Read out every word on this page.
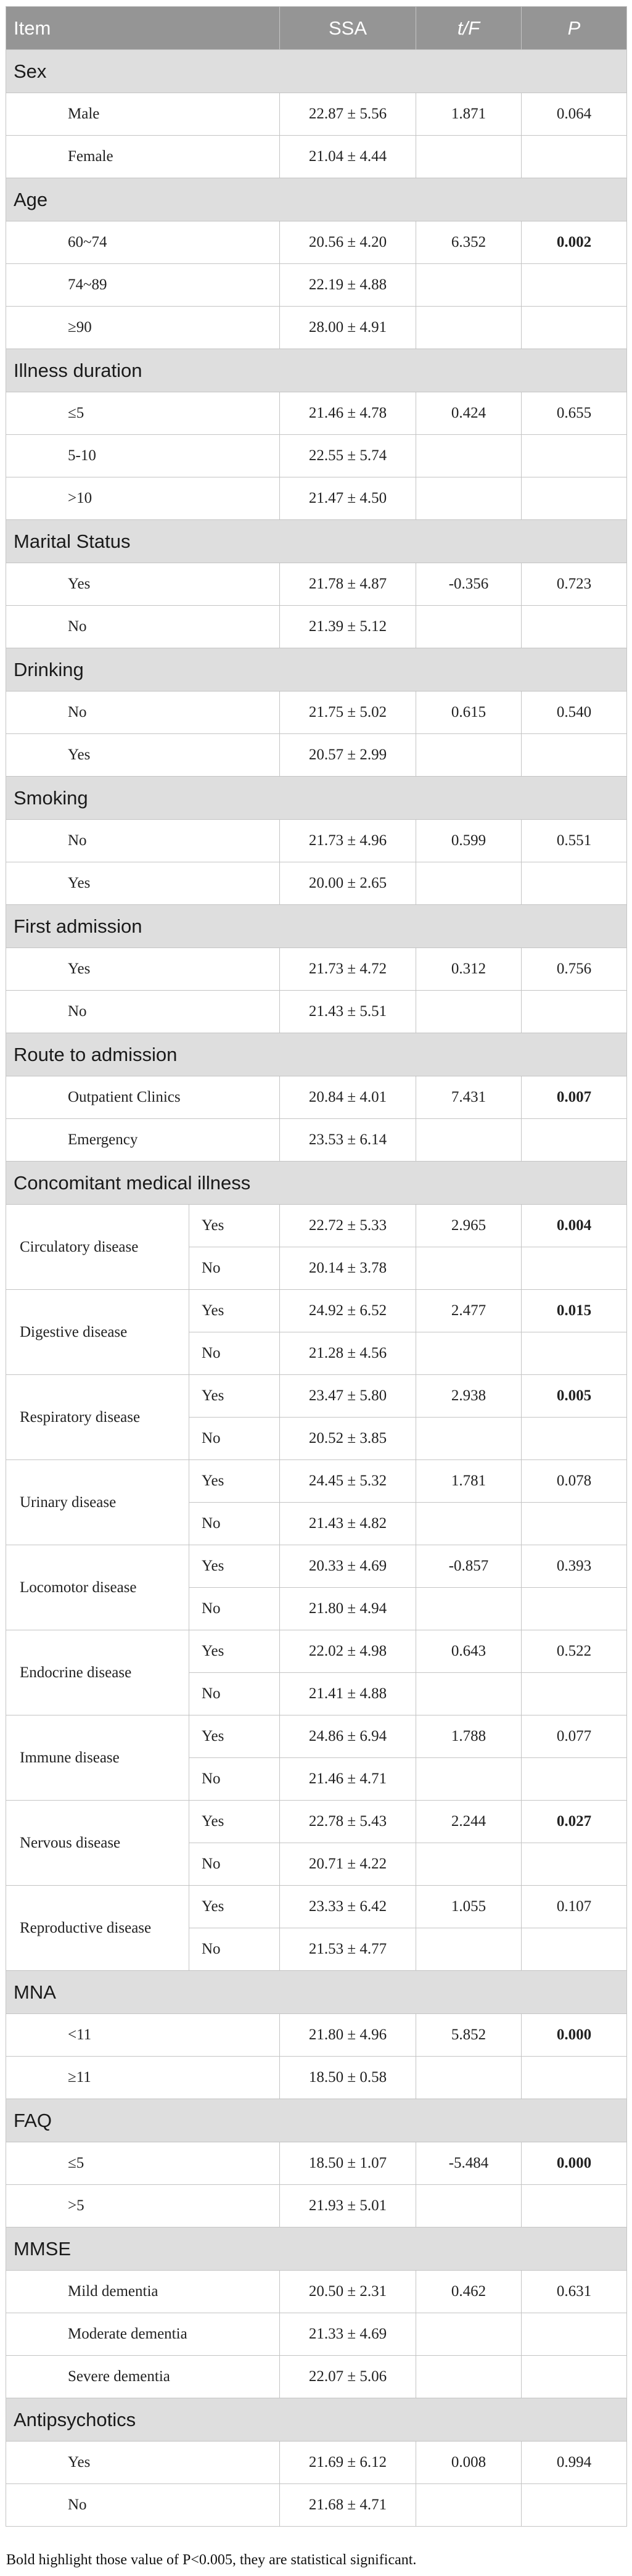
Item		SSA	t/F	P
Sex				
Male		22.87 ± 5.56	1.871	0.064
Female		21.04 ± 4.44		
Age				
60~74		20.56 ± 4.20	6.352	0.002
74~89		22.19 ± 4.88		
≥90		28.00 ± 4.91		
Illness duration				
≤5		21.46 ± 4.78	0.424	0.655
5-10		22.55 ± 5.74		
>10		21.47 ± 4.50		
Marital Status				
Yes		21.78 ± 4.87	-0.356	0.723
No		21.39 ± 5.12		
Drinking				
No		21.75 ± 5.02	0.615	0.540
Yes		20.57 ± 2.99		
Smoking				
No		21.73 ± 4.96	0.599	0.551
Yes		20.00 ± 2.65		
First admission				
Yes		21.73 ± 4.72	0.312	0.756
No		21.43 ± 5.51		
Route to admission				
Outpatient Clinics		20.84 ± 4.01	7.431	0.007
Emergency		23.53 ± 6.14		
Concomitant medical illness				
Circulatory disease	Yes	22.72 ± 5.33	2.965	0.004
	No	20.14 ± 3.78		
Digestive disease	Yes	24.92 ± 6.52	2.477	0.015
	No	21.28 ± 4.56		
Respiratory disease	Yes	23.47 ± 5.80	2.938	0.005
	No	20.52 ± 3.85		
Urinary disease	Yes	24.45 ± 5.32	1.781	0.078
	No	21.43 ± 4.82		
Locomotor disease	Yes	20.33 ± 4.69	-0.857	0.393
	No	21.80 ± 4.94		
Endocrine disease	Yes	22.02 ± 4.98	0.643	0.522
	No	21.41 ± 4.88		
Immune disease	Yes	24.86 ± 6.94	1.788	0.077
	No	21.46 ± 4.71		
Nervous disease	Yes	22.78 ± 5.43	2.244	0.027
	No	20.71 ± 4.22		
Reproductive disease	Yes	23.33 ± 6.42	1.055	0.107
	No	21.53 ± 4.77		
MNA				
<11		21.80 ± 4.96	5.852	0.000
≥11		18.50 ± 0.58		
FAQ				
≤5		18.50 ± 1.07	-5.484	0.000
>5		21.93 ± 5.01		
MMSE				
Mild dementia		20.50 ± 2.31	0.462	0.631
Moderate dementia		21.33 ± 4.69		
Severe dementia		22.07 ± 5.06		
Antipsychotics				
Yes		21.69 ± 6.12	0.008	0.994
No		21.68 ± 4.71		
Bold highlight those value of P<0.005, they are statistical significant.
